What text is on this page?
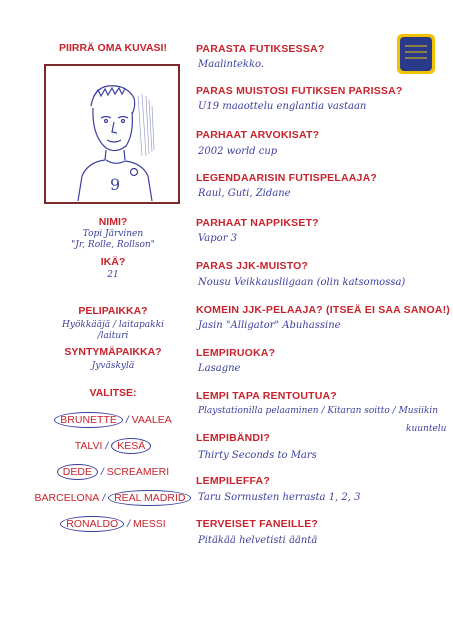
PIIRRÄ OMA KUVASI!
9
NIMI?
Topi Järvinen
"Jr, Rolle, Rollson"
IKÄ?
21
PELIPAIKKA?
Hyökkääjä / laitapakki
/laituri
SYNTYMÄPAIKKA?
Jyväskylä
VALITSE:
BRUNETTE / VAALEA
TALVI / KESÄ
DEDE / SCREAMERI
BARCELONA / REAL MADRID
RONALDO / MESSI
PARASTA FUTIKSESSA?
Maalintekko.
PARAS MUISTOSI FUTIKSEN PARISSA?
U19 maaottelu englantia vastaan
PARHAAT ARVOKISAT?
2002 world cup
LEGENDAARISIN FUTISPELAAJA?
Raul, Guti, Zidane
PARHAAT NAPPIKSET?
Vapor 3
PARAS JJK-MUISTO?
Nousu Veikkausliigaan (olin katsomossa)
KOMEIN JJK-PELAAJA? (ITSEÄ EI SAA SANOA!)
Jasin "Alligator" Abuhassine
LEMPIRUOKA?
Lasagne
LEMPI TAPA RENTOUTUA?
Playstationilla pelaaminen / Kitaran soitto / Musiikin
kuuntelu
LEMPIBÄNDI?
Thirty Seconds to Mars
LEMPILEFFA?
Taru Sormusten herrasta 1, 2, 3
TERVEISET FANEILLE?
Pitäkää helvetisti ääntä
